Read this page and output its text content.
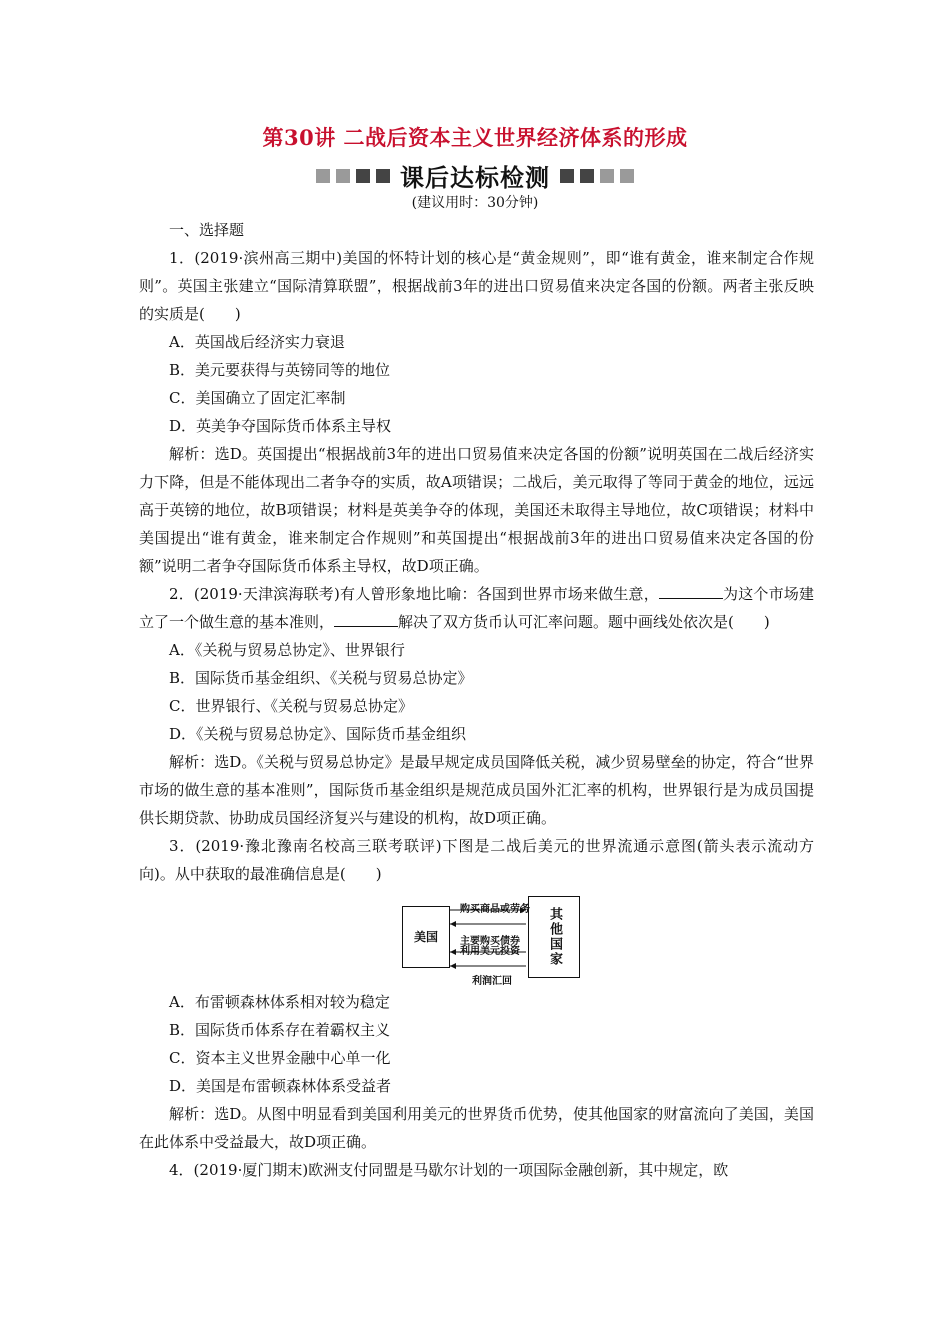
第30讲 二战后资本主义世界经济体系的形成
课后达标检测
(建议用时：30分钟)

一、选择题

1．(2019·滨州高三期中)美国的怀特计划的核心是“黄金规则”，即“谁有黄金，谁来制定合作规则”。英国主张建立“国际清算联盟”，根据战前3年的进出口贸易值来决定各国的份额。两者主张反映的实质是(　　)

A．英国战后经济实力衰退

B．美元要获得与英镑同等的地位

C．美国确立了固定汇率制

D．英美争夺国际货币体系主导权

解析：选D。英国提出“根据战前3年的进出口贸易值来决定各国的份额”说明英国在二战后经济实力下降，但是不能体现出二者争夺的实质，故A项错误；二战后，美元取得了等同于黄金的地位，远远高于英镑的地位，故B项错误；材料是英美争夺的体现，美国还未取得主导地位，故C项错误；材料中美国提出“谁有黄金，谁来制定合作规则”和英国提出“根据战前3年的进出口贸易值来决定各国的份额”说明二者争夺国际货币体系主导权，故D项正确。

2．(2019·天津滨海联考)有人曾形象地比喻：各国到世界市场来做生意，	为这个市场建立了一个做生意的基本准则，	解决了双方货币认可汇率问题。题中画线处依次是(　　)

A．《关税与贸易总协定》、世界银行

B．国际货币基金组织、《关税与贸易总协定》

C．世界银行、《关税与贸易总协定》

D．《关税与贸易总协定》、国际货币基金组织

解析：选D。《关税与贸易总协定》是最早规定成员国降低关税，减少贸易壁垒的协定，符合“世界市场的做生意的基本准则”，国际货币基金组织是规范成员国外汇汇率的机构，世界银行是为成员国提供长期贷款、协助成员国经济复兴与建设的机构，故D项正确。

3．(2019·豫北豫南名校高三联考联评)下图是二战后美元的世界流通示意图(箭头表示流动方向)。从中获取的最准确信息是(　　)

美国	其他国家
购买商品或劳务
主要购买债券
利用美元投资
利润汇回

A．布雷顿森林体系相对较为稳定

B．国际货币体系存在着霸权主义

C．资本主义世界金融中心单一化

D．美国是布雷顿森林体系受益者

解析：选D。从图中明显看到美国利用美元的世界货币优势，使其他国家的财富流向了美国，美国在此体系中受益最大，故D项正确。

4．(2019·厦门期末)欧洲支付同盟是马歇尔计划的一项国际金融创新，其中规定，欧
